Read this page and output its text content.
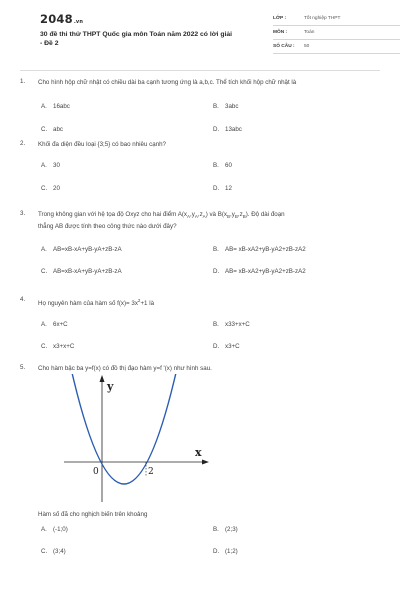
2048.vn
30 đề thi thử THPT Quốc gia môn Toán năm 2022 có lời giải - Đề 2
LỚP :	Tốt nghiệp THPT
MÔN :	Toán
SỐ CÂU : 50
1. Cho hình hộp chữ nhật có chiều dài ba cạnh tương ứng là a,b,c. Thể tích khối hộp chữ nhật là
A. 16abc	B. 3abc
C. abc	D. 13abc
2. Khối đa diện đều loại {3;5} có bao nhiêu cạnh?
A. 30	B. 60
C. 20	D. 12
3. Trong không gian với hệ tọa độ Oxyz cho hai điểm $A(x_A,y_A,z_A)$ và $B(x_B,y_B,z_B)$. Độ dài đoạn
thẳng AB được tính theo công thức nào dưới đây?
A. AB=xB-xA+yB-yA+zB-zA	B. AB= xB-xA2+yB-yA2+zB-zA2
C. AB=xB-xA+yB-yA+zB-zA	D. AB= xB-xA2+yB-yA2+zB-zA2
4.
Họ nguyên hàm của hàm số $f(x)= 3x^2+1$ là
A. 6x+C	B. x33+x+C
C. x3+x+C	D. x3+C
5. Cho hàm bậc ba y=f(x) có đồ thị đạo hàm y=f '(x) như hình sau.
y
x
0	2
Hàm số đã cho nghịch biến trên khoảng
A. (-1;0)	B. (2;3)
C. (3;4)	D. (1;2)
